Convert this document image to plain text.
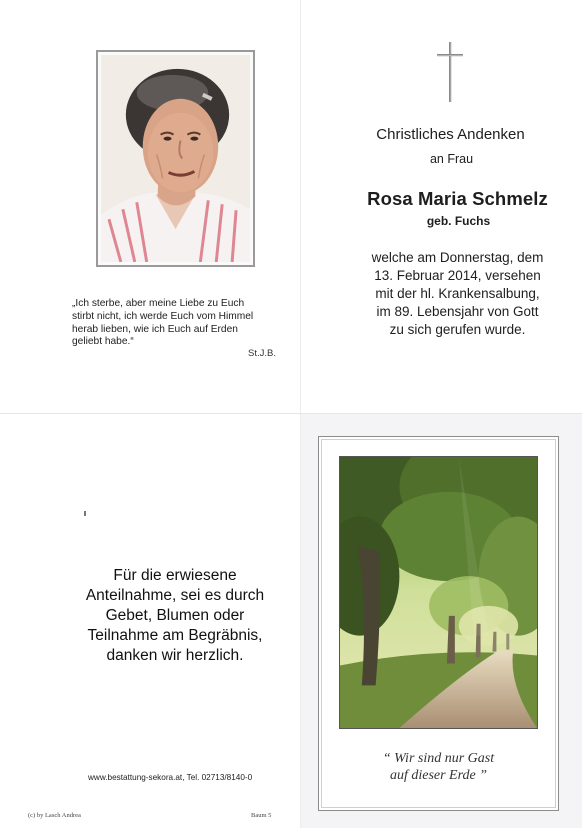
„Ich sterbe, aber meine Liebe zu Euch
stirbt nicht, ich werde Euch vom Himmel
herab lieben, wie ich Euch auf Erden
geliebt habe.“
St.J.B.
Christliches Andenken
an Frau
Rosa Maria Schmelz
geb. Fuchs
welche am Donnerstag, dem
13. Februar 2014, versehen
mit der hl. Krankensalbung,
im 89. Lebensjahr von Gott
zu sich gerufen wurde.
Für die erwiesene
Anteilnahme, sei es durch
Gebet, Blumen oder
Teilnahme am Begräbnis,
danken wir herzlich.
www.bestattung-sekora.at, Tel. 02713/8140-0
(c) by Lasch Andrea	Baum 5
“ Wir sind nur Gast
auf dieser Erde ”
